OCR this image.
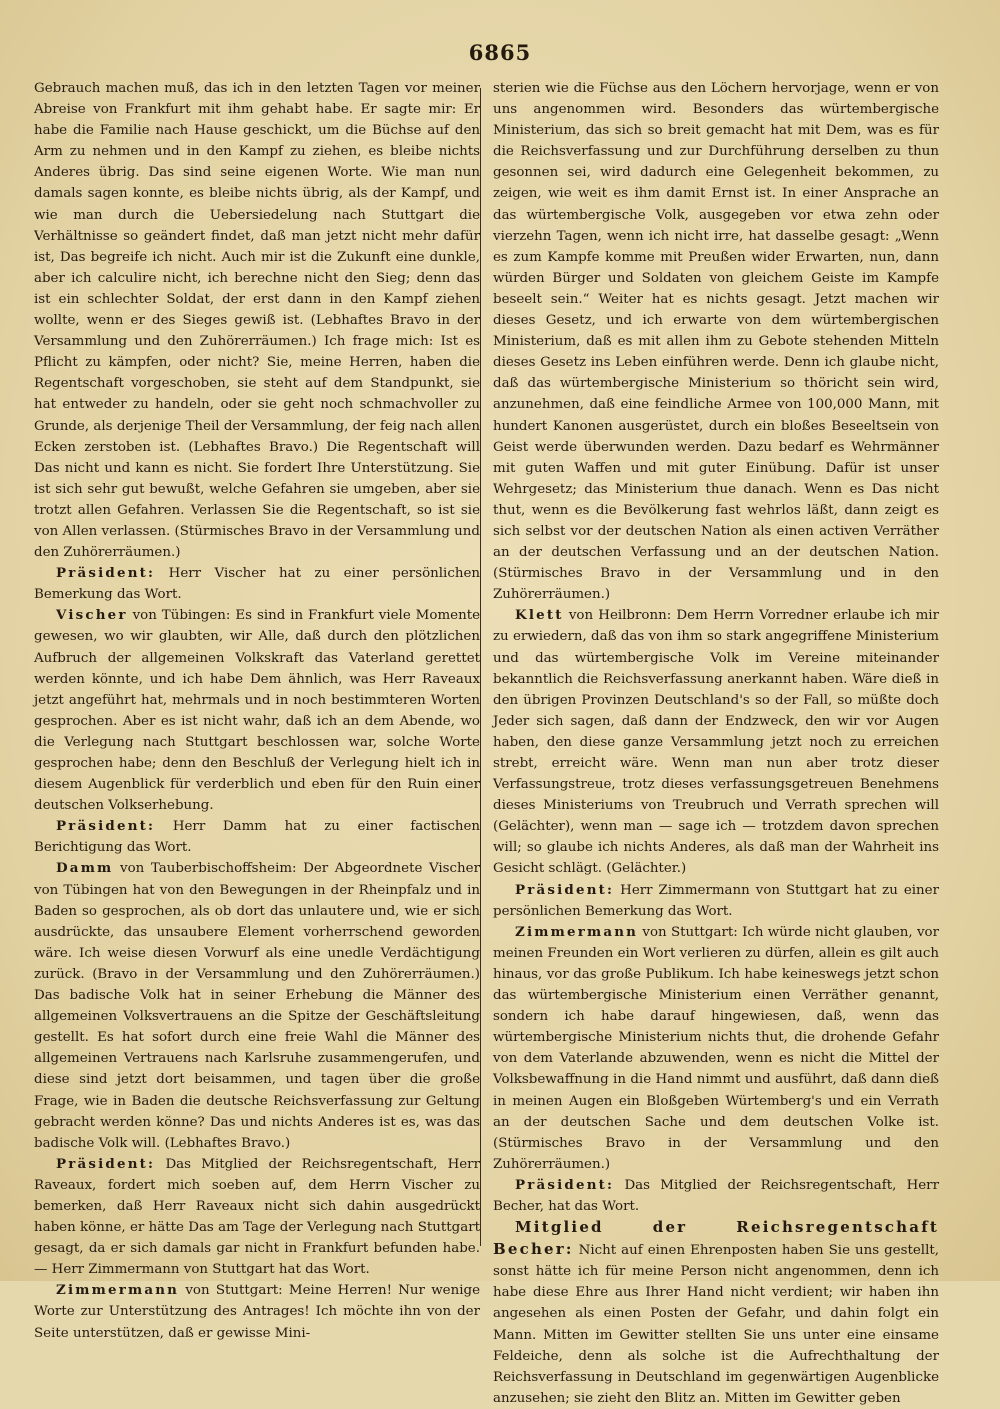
6865

Gebrauch machen muß, das ich in den letzten Tagen vor meiner Abreise von Frankfurt mit ihm gehabt habe. Er sagte mir: Er habe die Familie nach Hause geschickt, um die Büchse auf den Arm zu nehmen und in den Kampf zu ziehen, es bleibe nichts Anderes übrig. Das sind seine eigenen Worte. Wie man nun damals sagen konnte, es bleibe nichts übrig, als der Kampf, und wie man durch die Uebersiedelung nach Stuttgart die Verhältnisse so geändert findet, daß man jetzt nicht mehr dafür ist, Das begreife ich nicht. Auch mir ist die Zukunft eine dunkle, aber ich calculire nicht, ich berechne nicht den Sieg; denn das ist ein schlechter Soldat, der erst dann in den Kampf ziehen wollte, wenn er des Sieges gewiß ist. (Lebhaftes Bravo in der Versammlung und den Zuhörerräumen.) Ich frage mich: Ist es Pflicht zu kämpfen, oder nicht? Sie, meine Herren, haben die Regentschaft vorgeschoben, sie steht auf dem Standpunkt, sie hat entweder zu handeln, oder sie geht noch schmachvoller zu Grunde, als derjenige Theil der Versammlung, der feig nach allen Ecken zerstoben ist. (Lebhaftes Bravo.) Die Regentschaft will Das nicht und kann es nicht. Sie fordert Ihre Unterstützung. Sie ist sich sehr gut bewußt, welche Gefahren sie umgeben, aber sie trotzt allen Gefahren. Verlassen Sie die Regentschaft, so ist sie von Allen verlassen. (Stürmisches Bravo in der Versammlung und den Zuhörerräumen.)

Präsident: Herr Vischer hat zu einer persönlichen Bemerkung das Wort.

Vischer von Tübingen: Es sind in Frankfurt viele Momente gewesen, wo wir glaubten, wir Alle, daß durch den plötzlichen Aufbruch der allgemeinen Volkskraft das Vaterland gerettet werden könnte, und ich habe Dem ähnlich, was Herr Raveaux jetzt angeführt hat, mehrmals und in noch bestimmteren Worten gesprochen. Aber es ist nicht wahr, daß ich an dem Abende, wo die Verlegung nach Stuttgart beschlossen war, solche Worte gesprochen habe; denn den Beschluß der Verlegung hielt ich in diesem Augenblick für verderblich und eben für den Ruin einer deutschen Volkserhebung.

Präsident: Herr Damm hat zu einer factischen Berichtigung das Wort.

Damm von Tauberbischoffsheim: Der Abgeordnete Vischer von Tübingen hat von den Bewegungen in der Rheinpfalz und in Baden so gesprochen, als ob dort das unlautere und, wie er sich ausdrückte, das unsaubere Element vorherrschend geworden wäre. Ich weise diesen Vorwurf als eine unedle Verdächtigung zurück. (Bravo in der Versammlung und den Zuhörerräumen.) Das badische Volk hat in seiner Erhebung die Männer des allgemeinen Volksvertrauens an die Spitze der Geschäftsleitung gestellt. Es hat sofort durch eine freie Wahl die Männer des allgemeinen Vertrauens nach Karlsruhe zusammengerufen, und diese sind jetzt dort beisammen, und tagen über die große Frage, wie in Baden die deutsche Reichsverfassung zur Geltung gebracht werden könne? Das und nichts Anderes ist es, was das badische Volk will. (Lebhaftes Bravo.)

Präsident: Das Mitglied der Reichsregentschaft, Herr Raveaux, fordert mich soeben auf, dem Herrn Vischer zu bemerken, daß Herr Raveaux nicht sich dahin ausgedrückt haben könne, er hätte Das am Tage der Verlegung nach Stuttgart gesagt, da er sich damals gar nicht in Frankfurt befunden habe. — Herr Zimmermann von Stuttgart hat das Wort.

Zimmermann von Stuttgart: Meine Herren! Nur wenige Worte zur Unterstützung des Antrages! Ich möchte ihn von der Seite unterstützen, daß er gewisse Mini-

sterien wie die Füchse aus den Löchern hervorjage, wenn er von uns angenommen wird. Besonders das würtembergische Ministerium, das sich so breit gemacht hat mit Dem, was es für die Reichsverfassung und zur Durchführung derselben zu thun gesonnen sei, wird dadurch eine Gelegenheit bekommen, zu zeigen, wie weit es ihm damit Ernst ist. In einer Ansprache an das würtembergische Volk, ausgegeben vor etwa zehn oder vierzehn Tagen, wenn ich nicht irre, hat dasselbe gesagt: „Wenn es zum Kampfe komme mit Preußen wider Erwarten, nun, dann würden Bürger und Soldaten von gleichem Geiste im Kampfe beseelt sein.“ Weiter hat es nichts gesagt. Jetzt machen wir dieses Gesetz, und ich erwarte von dem würtembergischen Ministerium, daß es mit allen ihm zu Gebote stehenden Mitteln dieses Gesetz ins Leben einführen werde. Denn ich glaube nicht, daß das würtembergische Ministerium so thöricht sein wird, anzunehmen, daß eine feindliche Armee von 100,000 Mann, mit hundert Kanonen ausgerüstet, durch ein bloßes Beseeltsein von Geist werde überwunden werden. Dazu bedarf es Wehrmänner mit guten Waffen und mit guter Einübung. Dafür ist unser Wehrgesetz; das Ministerium thue danach. Wenn es Das nicht thut, wenn es die Bevölkerung fast wehrlos läßt, dann zeigt es sich selbst vor der deutschen Nation als einen activen Verräther an der deutschen Verfassung und an der deutschen Nation. (Stürmisches Bravo in der Versammlung und in den Zuhörerräumen.)

Klett von Heilbronn: Dem Herrn Vorredner erlaube ich mir zu erwiedern, daß das von ihm so stark angegriffene Ministerium und das würtembergische Volk im Vereine miteinander bekanntlich die Reichsverfassung anerkannt haben. Wäre dieß in den übrigen Provinzen Deutschland's so der Fall, so müßte doch Jeder sich sagen, daß dann der Endzweck, den wir vor Augen haben, den diese ganze Versammlung jetzt noch zu erreichen strebt, erreicht wäre. Wenn man nun aber trotz dieser Verfassungstreue, trotz dieses verfassungsgetreuen Benehmens dieses Ministeriums von Treubruch und Verrath sprechen will (Gelächter), wenn man — sage ich — trotzdem davon sprechen will; so glaube ich nichts Anderes, als daß man der Wahrheit ins Gesicht schlägt. (Gelächter.)

Präsident: Herr Zimmermann von Stuttgart hat zu einer persönlichen Bemerkung das Wort.

Zimmermann von Stuttgart: Ich würde nicht glauben, vor meinen Freunden ein Wort verlieren zu dürfen, allein es gilt auch hinaus, vor das große Publikum. Ich habe keineswegs jetzt schon das würtembergische Ministerium einen Verräther genannt, sondern ich habe darauf hingewiesen, daß, wenn das würtembergische Ministerium nichts thut, die drohende Gefahr von dem Vaterlande abzuwenden, wenn es nicht die Mittel der Volksbewaffnung in die Hand nimmt und ausführt, daß dann dieß in meinen Augen ein Bloßgeben Würtemberg's und ein Verrath an der deutschen Sache und dem deutschen Volke ist. (Stürmisches Bravo in der Versammlung und den Zuhörerräumen.)

Präsident: Das Mitglied der Reichsregentschaft, Herr Becher, hat das Wort.

Mitglied der Reichsregentschaft Becher: Nicht auf einen Ehrenposten haben Sie uns gestellt, sonst hätte ich für meine Person nicht angenommen, denn ich habe diese Ehre aus Ihrer Hand nicht verdient; wir haben ihn angesehen als einen Posten der Gefahr, und dahin folgt ein Mann. Mitten im Gewitter stellten Sie uns unter eine einsame Feldeiche, denn als solche ist die Aufrechthaltung der Reichsverfassung in Deutschland im gegenwärtigen Augenblicke anzusehen; sie zieht den Blitz an. Mitten im Gewitter geben
